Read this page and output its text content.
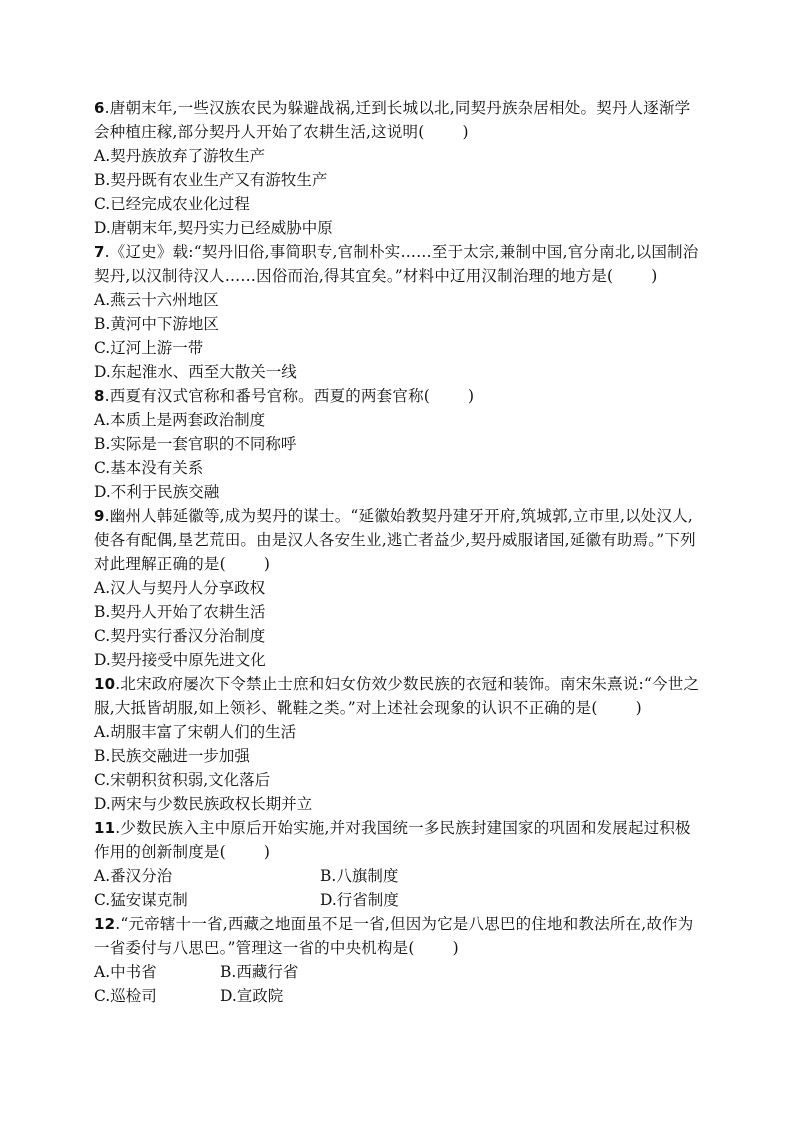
6.唐朝末年,一些汉族农民为躲避战祸,迁到长城以北,同契丹族杂居相处。契丹人逐渐学会种植庄稼,部分契丹人开始了农耕生活,这说明( )

A.契丹族放弃了游牧生产

B.契丹既有农业生产又有游牧生产

C.已经完成农业化过程

D.唐朝末年,契丹实力已经威胁中原

7.《辽史》载:“契丹旧俗,事简职专,官制朴实……至于太宗,兼制中国,官分南北,以国制治契丹,以汉制待汉人……因俗而治,得其宜矣。”材料中辽用汉制治理的地方是( )

A.燕云十六州地区

B.黄河中下游地区

C.辽河上游一带

D.东起淮水、西至大散关一线

8.西夏有汉式官称和番号官称。西夏的两套官称( )

A.本质上是两套政治制度

B.实际是一套官职的不同称呼

C.基本没有关系

D.不利于民族交融

9.幽州人韩延徽等,成为契丹的谋士。“延徽始教契丹建牙开府,筑城郭,立市里,以处汉人,使各有配偶,垦艺荒田。由是汉人各安生业,逃亡者益少,契丹威服诸国,延徽有助焉。”下列对此理解正确的是( )

A.汉人与契丹人分享政权

B.契丹人开始了农耕生活

C.契丹实行番汉分治制度

D.契丹接受中原先进文化

10.北宋政府屡次下令禁止士庶和妇女仿效少数民族的衣冠和装饰。南宋朱熹说:“今世之服,大抵皆胡服,如上领衫、靴鞋之类。”对上述社会现象的认识不正确的是( )

A.胡服丰富了宋朝人们的生活

B.民族交融进一步加强

C.宋朝积贫积弱,文化落后

D.两宋与少数民族政权长期并立

11.少数民族入主中原后开始实施,并对我国统一多民族封建国家的巩固和发展起过积极作用的创新制度是( )

A.番汉分治	B.八旗制度
C.猛安谋克制	D.行省制度

12.“元帝辖十一省,西藏之地面虽不足一省,但因为它是八思巴的住地和教法所在,故作为一省委付与八思巴。”管理这一省的中央机构是( )

A.中书省	B.西藏行省
C.巡检司	D.宣政院
